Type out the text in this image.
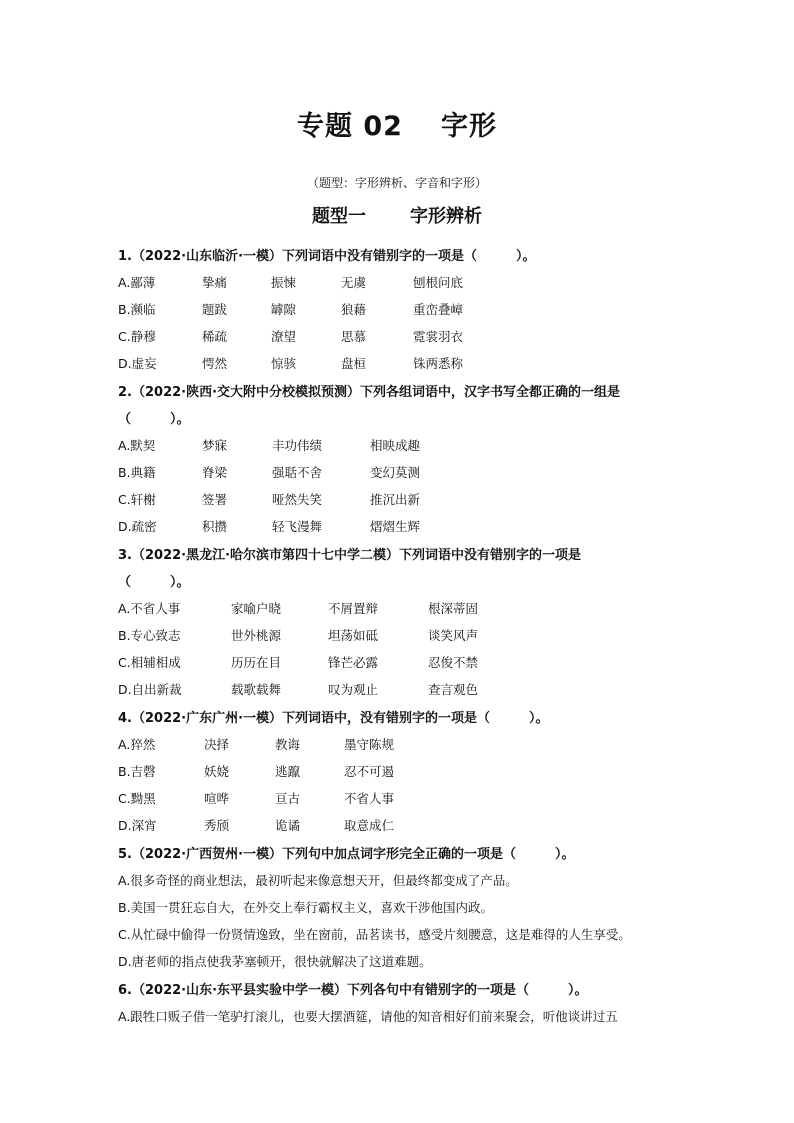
专题 02 字形
（题型：字形辨析、字音和字形）
题型一 字形辨析
1.（2022·山东临沂·一模）下列词语中没有错别字的一项是（　　　）。
A.鄙薄	挚痛	振悚	无虞	刨根问底
B.濒临	题跋	罅隙	狼藉	重峦叠嶂
C.静穆	稀疏	潦望	思慕	霓裳羽衣
D.虚妄	愕然	惊骇	盘桓	铢两悉称
2.（2022·陕西·交大附中分校模拟预测）下列各组词语中，汉字书写全都正确的一组是
（　　　）。
A.默契	梦寐	丰功伟绩	相映成趣
B.典籍	脊梁	强聒不舍	变幻莫测
C.轩榭	签署	哑然失笑	推沉出新
D.疏密	积攒	轻飞漫舞	熠熠生辉
3.（2022·黑龙江·哈尔滨市第四十七中学二模）下列词语中没有错别字的一项是
（　　　）。
A.不省人事	家喻户晓	不屑置辩	根深蒂固
B.专心致志	世外桃源	坦荡如砥	谈笑风声
C.相辅相成	历历在目	锋芒必露	忍俊不禁
D.自出新裁	载歌载舞	叹为观止	查言观色
4.（2022·广东广州·一模）下列词语中，没有错别字的一项是（　　　）。
A.猝然	决择	教诲	墨守陈规
B.吉磬	妖娆	逃躥	忍不可遏
C.黝黑	喧哗	亘古	不省人事
D.深宵	秀颀	诡谲	取意成仁
5.（2022·广西贺州·一模）下列句中加点词字形完全正确的一项是（　　　）。
A.很多奇怪的商业想法，最初听起来像意想天开，但最终都变成了产品。
B.美国一贯狂忘自大，在外交上奉行霸权主义，喜欢干涉他国内政。
C.从忙碌中偷得一份贤情逸致，坐在窗前，品茗读书，感受片刻腰意，这是难得的人生享受。
D.唐老师的指点使我茅塞顿开，很快就解决了这道难题。
6.（2022·山东·东平县实验中学一模）下列各句中有错别字的一项是（　　　）。
A.跟牲口贩子借一笔驴打滚儿，也要大摆酒筵，请他的知音相好们前来聚会，听他谈讲过五
